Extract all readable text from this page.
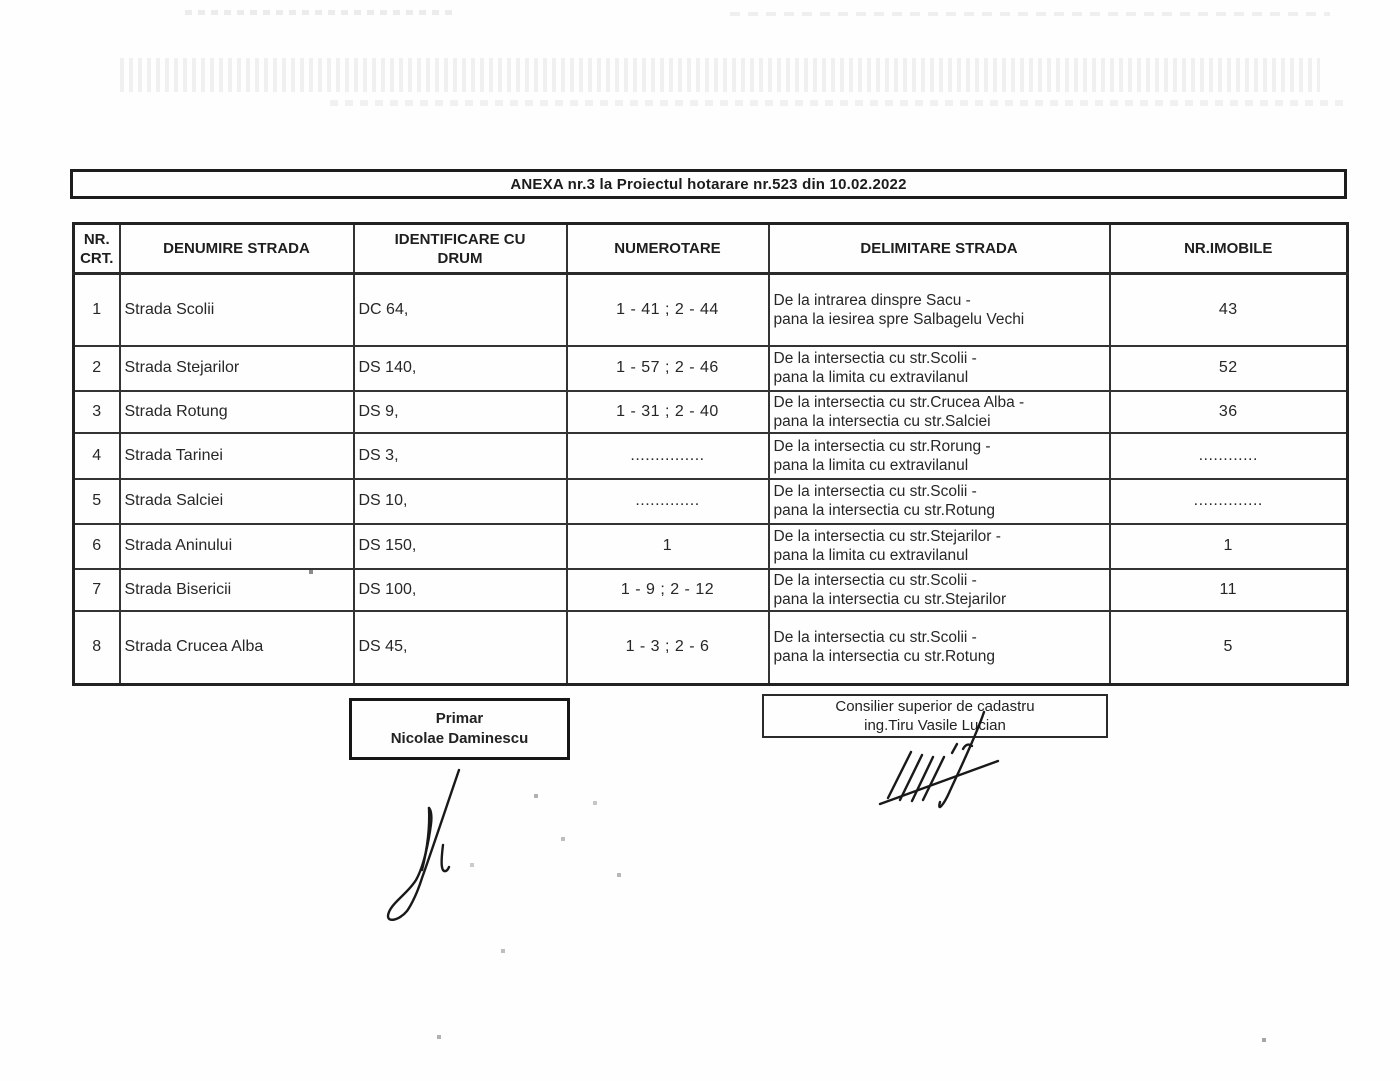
ANEXA nr.3 la Proiectul hotarare nr.523 din 10.02.2022
NR.
CRT.
	DENUMIRE STRADA	
IDENTIFICARE CU
DRUM
	NUMEROTARE	DELIMITARE STRADA	NR.IMOBILE
1	Strada Scolii	DC 64,	1 - 41 ; 2 - 44	De la intrarea dinspre Sacu -
pana la iesirea spre Salbagelu Vechi	43
2	Strada Stejarilor	DS 140,	1 - 57 ; 2 - 46	De la intersectia cu str.Scolii -
pana la limita cu extravilanul	52
3	Strada Rotung	DS 9,	1 - 31 ; 2 - 40	De la intersectia cu str.Crucea Alba -
pana la intersectia cu str.Salciei	36
4	Strada Tarinei	DS 3,	...............	De la intersectia cu str.Rorung -
pana la limita cu extravilanul	............
5	Strada Salciei	DS 10,	.............	De la intersectia cu str.Scolii -
pana la intersectia cu str.Rotung	..............
6	Strada Aninului	DS 150,	1	De la intersectia cu str.Stejarilor -
pana la limita cu extravilanul	1
7	Strada Bisericii	DS 100,	1 - 9 ; 2 - 12	De la intersectia cu str.Scolii -
pana la intersectia cu str.Stejarilor	11
8	Strada Crucea Alba	DS 45,	1 - 3 ; 2 - 6	De la intersectia cu str.Scolii -
pana la intersectia cu str.Rotung	5
Primar
Nicolae Daminescu
Consilier superior de cadastru
ing.Tiru Vasile Lucian
